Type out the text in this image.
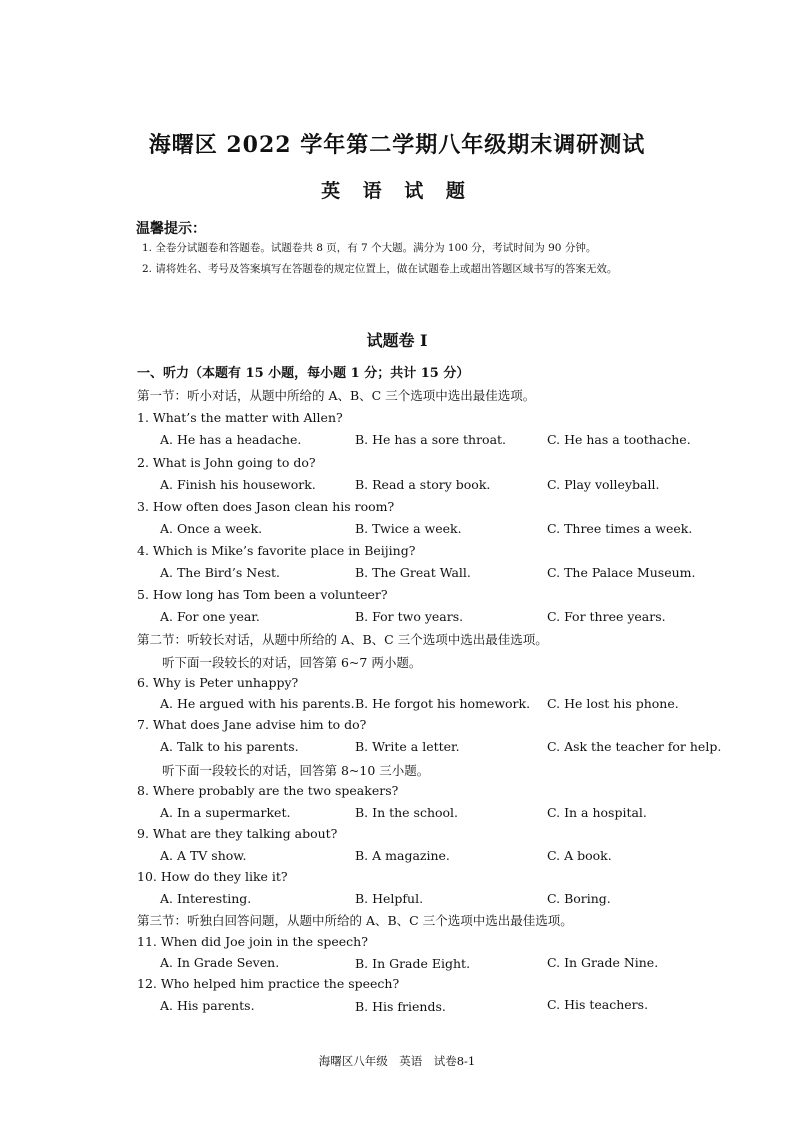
海曙区 2022 学年第二学期八年级期末调研测试
英 语 试 题
温馨提示：
1. 全卷分试题卷和答题卷。试题卷共 8 页，有 7 个大题。满分为 100 分，考试时间为 90 分钟。
2. 请将姓名、考号及答案填写在答题卷的规定位置上，做在试题卷上或超出答题区域书写的答案无效。
试题卷 I
一、听力（本题有 15 小题，每小题 1 分；共计 15 分）
第一节：听小对话，从题中所给的 A、B、C 三个选项中选出最佳选项。
1. What’s the matter with Allen?
A. He has a headache.	B. He has a sore throat.	C. He has a toothache.
2. What is John going to do?
A. Finish his housework.	B. Read a story book.	C. Play volleyball.
3. How often does Jason clean his room?
A. Once a week.	B. Twice a week.	C. Three times a week.
4. Which is Mike’s favorite place in Beijing?
A. The Bird’s Nest.	B. The Great Wall.	C. The Palace Museum.
5. How long has Tom been a volunteer?
A. For one year.	B. For two years.	C. For three years.
第二节：听较长对话，从题中所给的 A、B、C 三个选项中选出最佳选项。
听下面一段较长的对话，回答第 6~7 两小题。
6. Why is Peter unhappy?
A. He argued with his parents. B. He forgot his homework. C. He lost his phone.
7. What does Jane advise him to do?
A. Talk to his parents.	B. Write a letter.	C. Ask the teacher for help.
听下面一段较长的对话，回答第 8~10 三小题。
8. Where probably are the two speakers?
A. In a supermarket.	B. In the school.	C. In a hospital.
9. What are they talking about?
A. A TV show.	B. A magazine.	C. A book.
10. How do they like it?
A. Interesting.	B. Helpful.	C. Boring.
第三节：听独白回答问题，从题中所给的 A、B、C 三个选项中选出最佳选项。
11. When did Joe join in the speech?
A. In Grade Seven.	B. In Grade Eight.	C. In Grade Nine.
12. Who helped him practice the speech?
A. His parents.	B. His friends.	C. His teachers.
海曙区八年级　英语　试卷8-1
